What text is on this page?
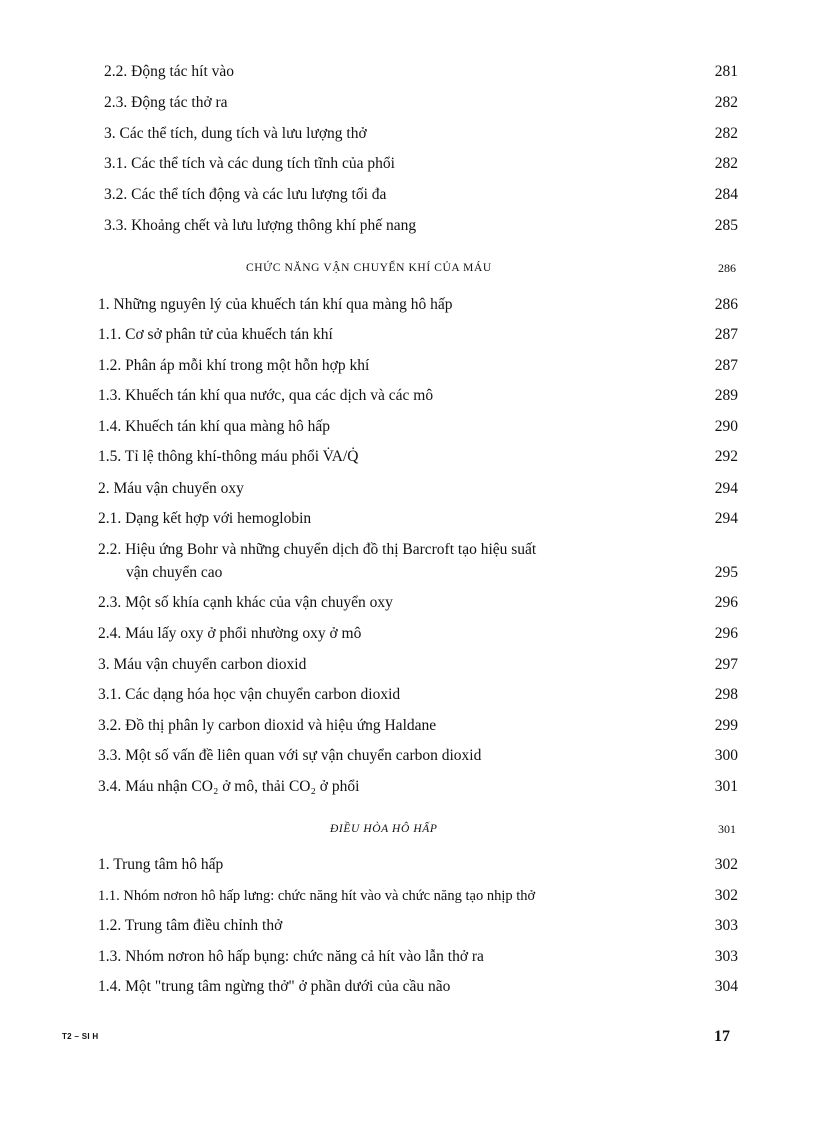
2.2. Động tác hít vào	281
2.3. Động tác thở ra	282
3. Các thể tích, dung tích và lưu lượng thở	282
3.1. Các thể tích và các dung tích tĩnh của phổi	282
3.2. Các thể tích động và các lưu lượng tối đa	284
3.3. Khoảng chết và lưu lượng thông khí phế nang	285
CHỨC NĂNG VẬN CHUYỂN KHÍ CỦA MÁU	286
1. Những nguyên lý của khuếch tán khí qua màng hô hấp	286
1.1. Cơ sở phân tử của khuếch tán khí	287
1.2. Phân áp mỗi khí trong một hỗn hợp khí	287
1.3. Khuếch tán khí qua nước, qua các dịch và các mô	289
1.4. Khuếch tán khí qua màng hô hấp	290
1.5. Tỉ lệ thông khí-thông máu phổi V̇A/Q̇	292
2. Máu vận chuyển oxy	294
2.1. Dạng kết hợp với hemoglobin	294
2.2. Hiệu ứng Bohr và những chuyển dịch đồ thị Barcroft tạo hiệu suất
vận chuyển cao	295
2.3. Một số khía cạnh khác của vận chuyển oxy	296
2.4. Máu lấy oxy ở phổi nhường oxy ở mô	296
3. Máu vận chuyển carbon dioxid	297
3.1. Các dạng hóa học vận chuyển carbon dioxid	298
3.2. Đồ thị phân ly carbon dioxid và hiệu ứng Haldane	299
3.3. Một số vấn đề liên quan với sự vận chuyển carbon dioxid	300
3.4. Máu nhận CO₂ ở mô, thải CO₂ ở phổi	301
ĐIỀU HÒA HÔ HẤP	301
1. Trung tâm hô hấp	302
1.1. Nhóm nơron hô hấp lưng: chức năng hít vào và chức năng tạo nhịp thở	302
1.2. Trung tâm điều chỉnh thở	303
1.3. Nhóm nơron hô hấp bụng: chức năng cả hít vào lẫn thở ra	303
1.4. Một "trung tâm ngừng thở" ở phần dưới của cầu não	304
T2 – SI H	17
